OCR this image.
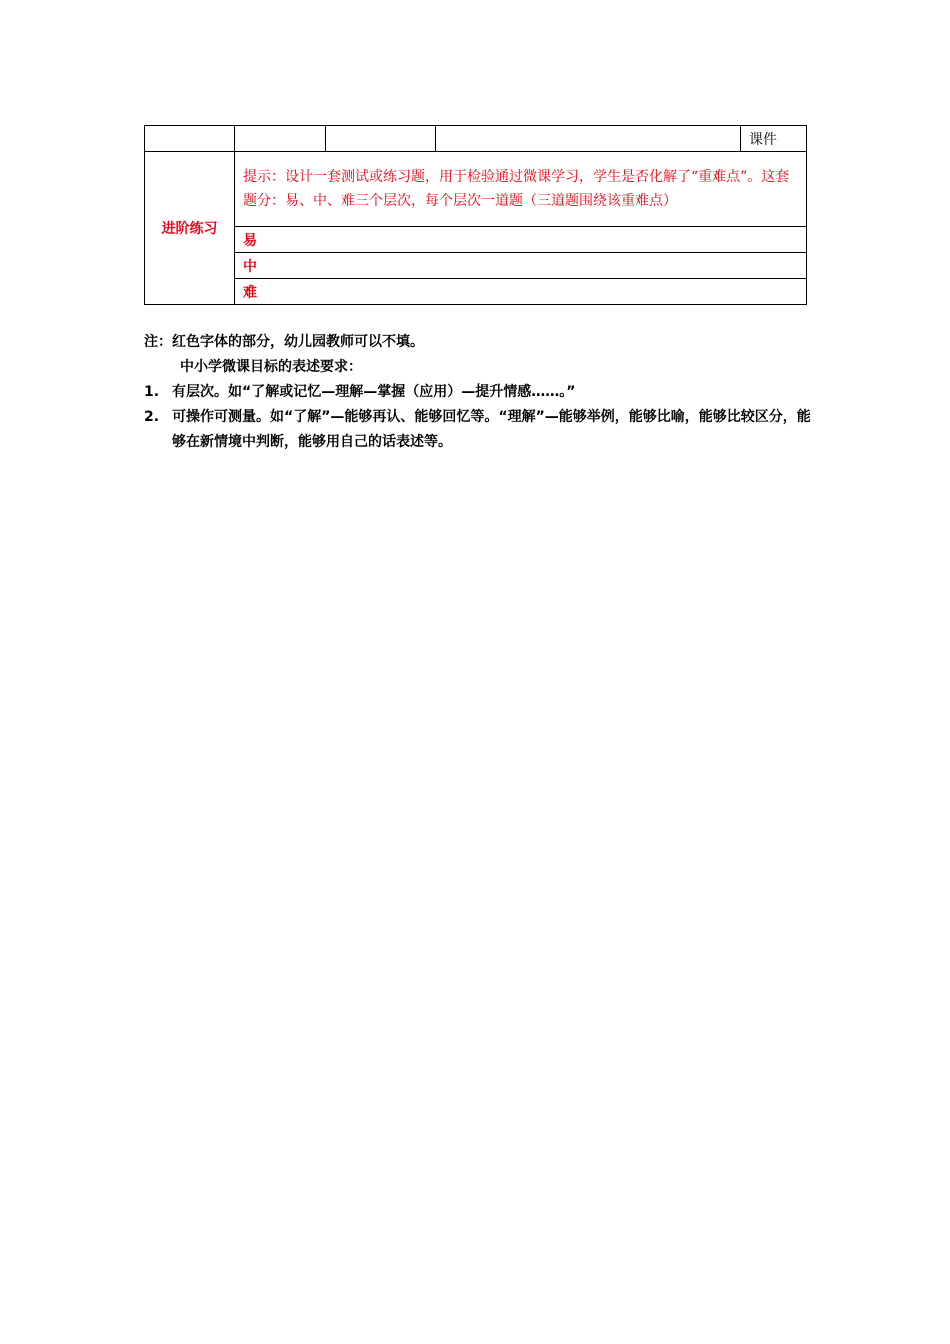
				课件
进阶练习	提示：设计一套测试或练习题，用于检验通过微课学习，学生是否化解了“重难点”。这套题分：易、中、难三个层次，每个层次一道题（三道题围绕该重难点）			
	易			
	中			
	难			
注：红色字体的部分，幼儿园教师可以不填。
中小学微课目标的表述要求：
1. 有层次。如“了解或记忆—理解—掌握（应用）—提升情感……。”
2. 可操作可测量。如“了解”—能够再认、能够回忆等。“理解”—能够举例，能够比喻，能够比较区分，能够在新情境中判断，能够用自己的话表述等。
